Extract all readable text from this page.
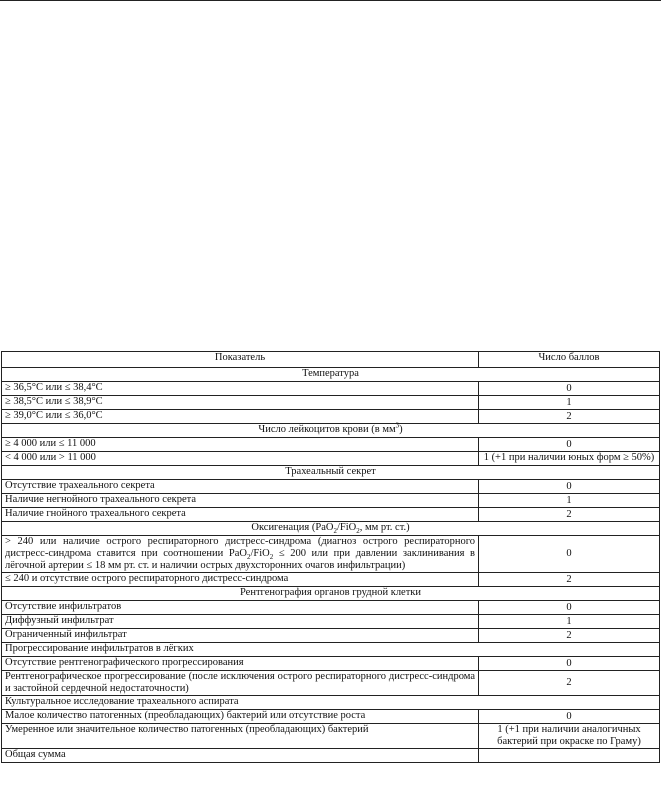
Показатель	Число баллов
Температура	
≥ 36,5°С или ≤ 38,4°С	0
≥ 38,5°С или ≤ 38,9°С	1
≥ 39,0°С или ≤ 36,0°С	2
Число лейкоцитов крови (в $мм^3$)	
≥ 4 000 или ≤ 11 000	0
< 4 000 или > 11 000	1 (+1 при наличии юных форм ≥ 50%)
Трахеальный секрет	
Отсутствие трахеального секрета	0
Наличие негнойного трахеального секрета	1
Наличие гнойного трахеального секрета	2
Оксигенация (PaO$_2$/FiO$_2$, мм рт. ст.)	
> 240 или наличие острого респираторного дистресс-синдрома (диагноз острого респираторного дистресс-синдрома ставится при соотношении PaO$_2$/FiO$_2$ ≤ 200 или при давлении заклинивания в лёгочной артерии ≤ 18 мм рт. ст. и наличии острых двухсторонних очагов инфильтрации)	0
≤ 240 и отсутствие острого респираторного дистресс-синдрома	2
Рентгенография органов грудной клетки	
Отсутствие инфильтратов	0
Диффузный инфильтрат	1
Ограниченный инфильтрат	2
Прогрессирование инфильтратов в лёгких	
Отсутствие рентгенографического прогрессирования	0
Рентгенографическое прогрессирование (после исключения острого респираторного дистресс-синдрома и застойной сердечной недостаточности)	2
Культуральное исследование трахеального аспирата	
Малое количество патогенных (преобладающих) бактерий или отсутствие роста	0
Умеренное или значительное количество патогенных (преобладающих) бактерий	1 (+1 при наличии аналогичных бактерий при окраске по Граму)
Общая сумма	
